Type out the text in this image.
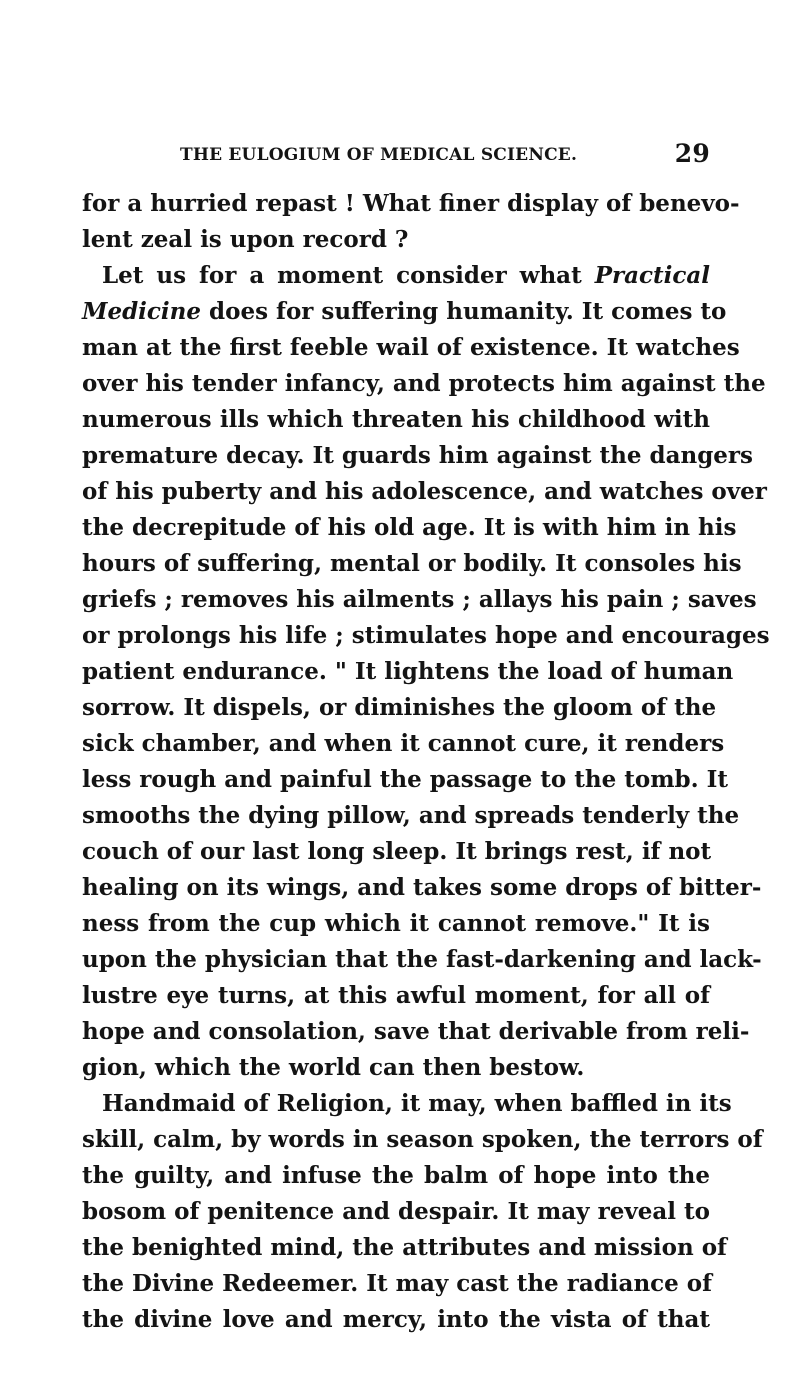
THE EULOGIUM OF MEDICAL SCIENCE.	29
for a hurried repast ! What finer display of benevo-
lent zeal is upon record ?
Let us for a moment consider what Practical
Medicine does for suffering humanity. It comes to
man at the first feeble wail of existence. It watches
over his tender infancy, and protects him against the
numerous ills which threaten his childhood with
premature decay. It guards him against the dangers
of his puberty and his adolescence, and watches over
the decrepitude of his old age. It is with him in his
hours of suffering, mental or bodily. It consoles his
griefs ; removes his ailments ; allays his pain ; saves
or prolongs his life ; stimulates hope and encourages
patient endurance. " It lightens the load of human
sorrow. It dispels, or diminishes the gloom of the
sick chamber, and when it cannot cure, it renders
less rough and painful the passage to the tomb. It
smooths the dying pillow, and spreads tenderly the
couch of our last long sleep. It brings rest, if not
healing on its wings, and takes some drops of bitter-
ness from the cup which it cannot remove." It is
upon the physician that the fast-darkening and lack-
lustre eye turns, at this awful moment, for all of
hope and consolation, save that derivable from reli-
gion, which the world can then bestow.
Handmaid of Religion, it may, when baffled in its
skill, calm, by words in season spoken, the terrors of
the guilty, and infuse the balm of hope into the
bosom of penitence and despair. It may reveal to
the benighted mind, the attributes and mission of
the Divine Redeemer. It may cast the radiance of
the divine love and mercy, into the vista of that
